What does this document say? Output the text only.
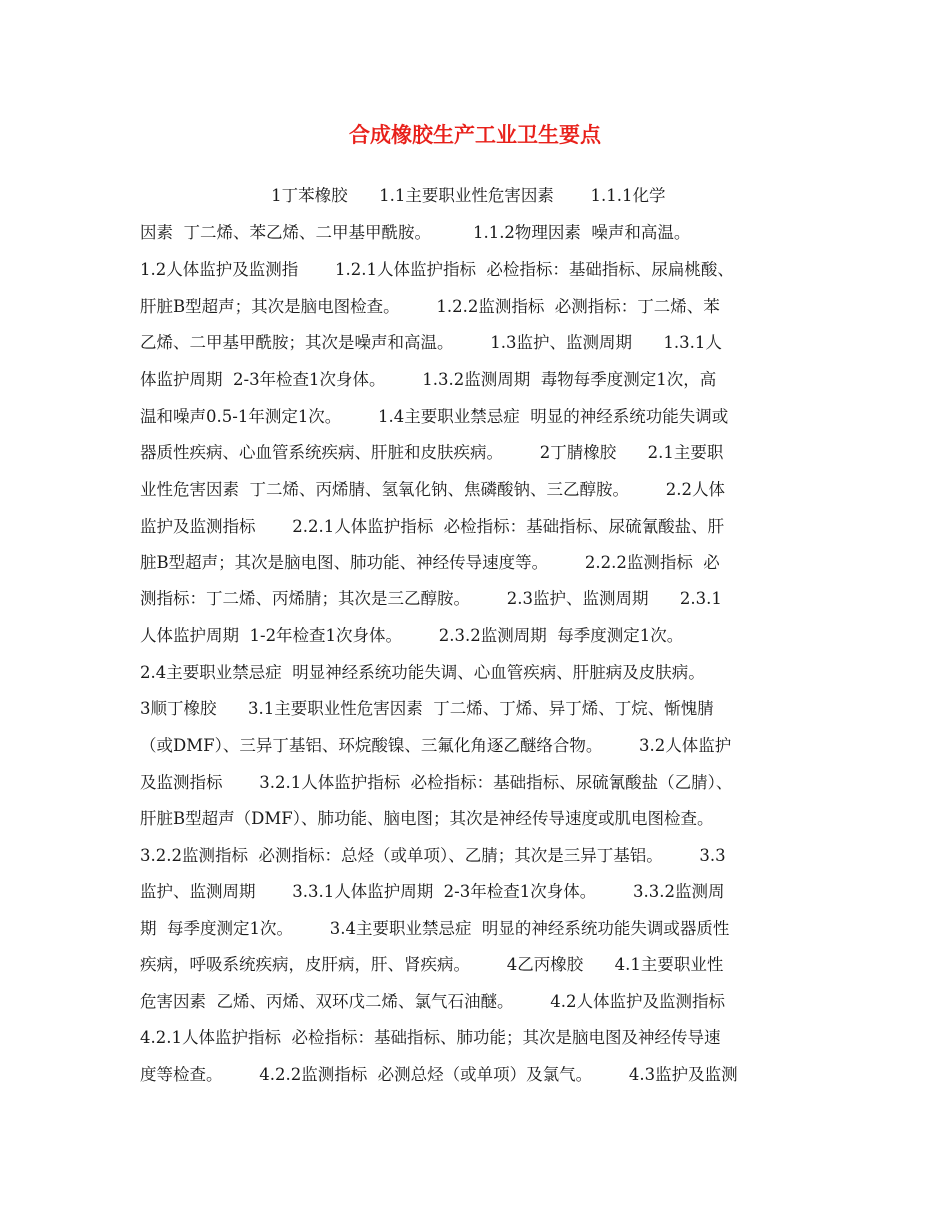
合成橡胶生产工业卫生要点
1丁苯橡胶      1.1主要职业性危害因素       1.1.1化学
因素  丁二烯、苯乙烯、二甲基甲酰胺。        1.1.2物理因素  噪声和高温。
1.2人体监护及监测指       1.2.1人体监护指标  必检指标：基础指标、尿扁桃酸、
肝脏B型超声；其次是脑电图检查。       1.2.2监测指标  必测指标：丁二烯、苯
乙烯、二甲基甲酰胺；其次是噪声和高温。       1.3监护、监测周期      1.3.1人
体监护周期  2-3年检查1次身体。       1.3.2监测周期  毒物每季度测定1次，高
温和噪声0.5-1年测定1次。       1.4主要职业禁忌症  明显的神经系统功能失调或
器质性疾病、心血管系统疾病、肝脏和皮肤疾病。       2丁腈橡胶      2.1主要职
业性危害因素  丁二烯、丙烯腈、氢氧化钠、焦磷酸钠、三乙醇胺。       2.2人体
监护及监测指标       2.2.1人体监护指标  必检指标：基础指标、尿硫氰酸盐、肝
脏B型超声；其次是脑电图、肺功能、神经传导速度等。       2.2.2监测指标  必
测指标：丁二烯、丙烯腈；其次是三乙醇胺。       2.3监护、监测周期      2.3.1
人体监护周期  1-2年检查1次身体。       2.3.2监测周期  每季度测定1次。
2.4主要职业禁忌症  明显神经系统功能失调、心血管疾病、肝脏病及皮肤病。
3顺丁橡胶      3.1主要职业性危害因素  丁二烯、丁烯、异丁烯、丁烷、惭愧腈
（或DMF）、三异丁基铝、环烷酸镍、三氟化角逐乙醚络合物。       3.2人体监护
及监测指标       3.2.1人体监护指标  必检指标：基础指标、尿硫氰酸盐（乙腈）、
肝脏B型超声（DMF）、肺功能、脑电图；其次是神经传导速度或肌电图检查。
3.2.2监测指标  必测指标：总烃（或单项）、乙腈；其次是三异丁基铝。       3.3
监护、监测周期       3.3.1人体监护周期  2-3年检查1次身体。       3.3.2监测周
期  每季度测定1次。       3.4主要职业禁忌症  明显的神经系统功能失调或器质性
疾病，呼吸系统疾病，皮肝病，肝、肾疾病。       4乙丙橡胶      4.1主要职业性
危害因素  乙烯、丙烯、双环戊二烯、氯气石油醚。       4.2人体监护及监测指标
4.2.1人体监护指标  必检指标：基础指标、肺功能；其次是脑电图及神经传导速
度等检查。       4.2.2监测指标  必测总烃（或单项）及氯气。       4.3监护及监测
